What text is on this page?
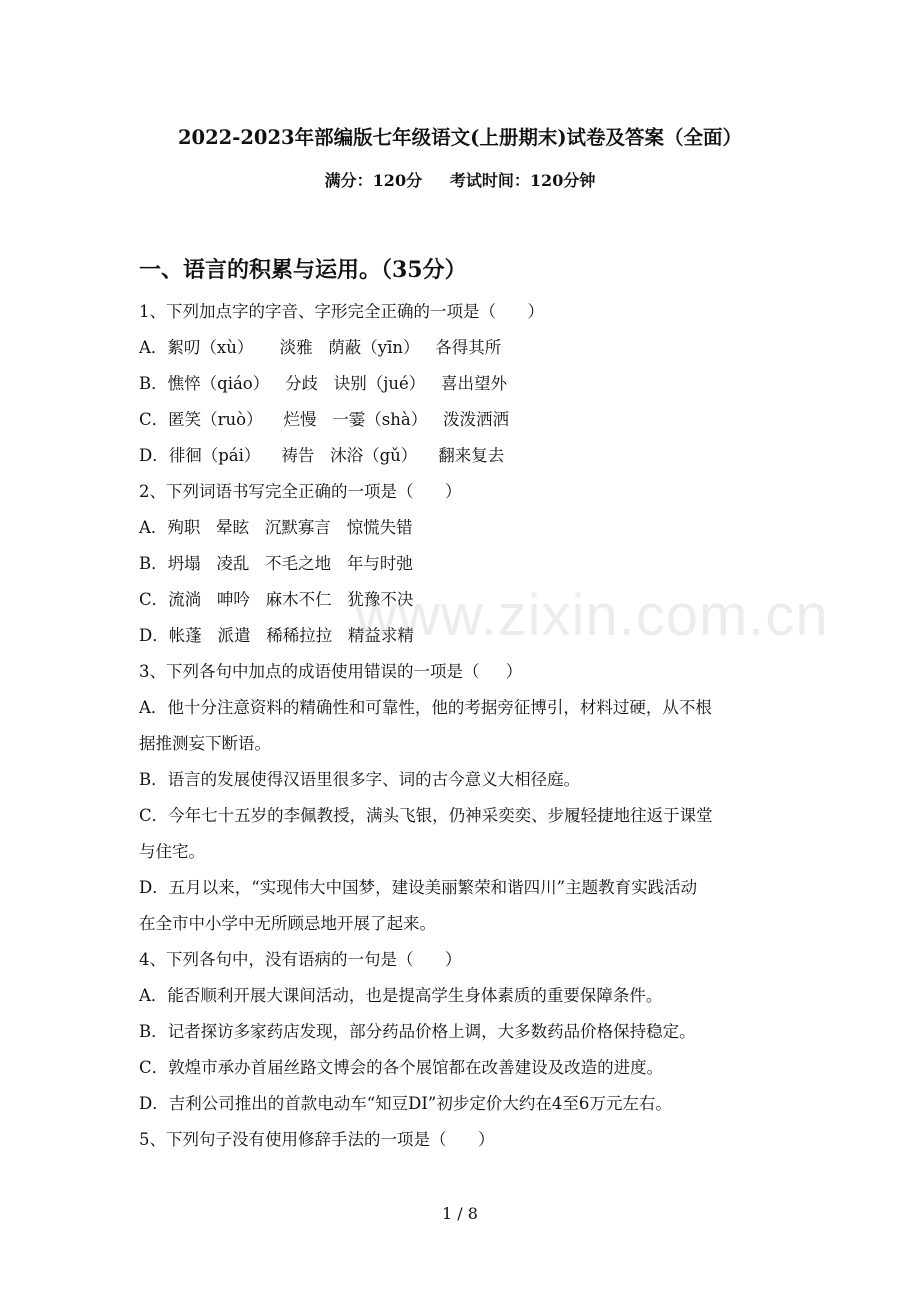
2022-2023年部编版七年级语文(上册期末)试卷及答案（全面）
满分：120分     考试时间：120分钟
一、语言的积累与运用。（35分）
1、下列加点字的字音、字形完全正确的一项是（      ）
A．絮叨（xù）     淡雅   荫蔽（yīn）   各得其所
B．憔悴（qiáo）   分歧   诀别（jué）   喜出望外
C．匿笑（ruò）    烂慢   一霎（shà）   泼泼洒洒
D．徘徊（pái）    祷告   沐浴（gǔ）    翻来复去
2、下列词语书写完全正确的一项是（      ）
A．殉职   晕眩   沉默寡言   惊慌失错
B．坍塌   凌乱   不毛之地   年与时弛
C．流淌   呻吟   麻木不仁   犹豫不决
D．帐蓬   派遣   稀稀拉拉   精益求精
3、下列各句中加点的成语使用错误的一项是（     ）
A．他十分注意资料的精确性和可靠性，他的考据旁征博引，材料过硬，从不根
据推测妄下断语。
B．语言的发展使得汉语里很多字、词的古今意义大相径庭。
C．今年七十五岁的李佩教授，满头飞银，仍神采奕奕、步履轻捷地往返于课堂
与住宅。
D．五月以来，“实现伟大中国梦，建设美丽繁荣和谐四川”主题教育实践活动
在全市中小学中无所顾忌地开展了起来。
4、下列各句中，没有语病的一句是（      ）
A．能否顺利开展大课间活动，也是提高学生身体素质的重要保障条件。
B．记者探访多家药店发现，部分药品价格上调，大多数药品价格保持稳定。
C．敦煌市承办首届丝路文博会的各个展馆都在改善建设及改造的进度。
D．吉利公司推出的首款电动车“知豆DI”初步定价大约在4至6万元左右。
5、下列句子没有使用修辞手法的一项是（      ）
www.zixin.com.cn
1 / 8
